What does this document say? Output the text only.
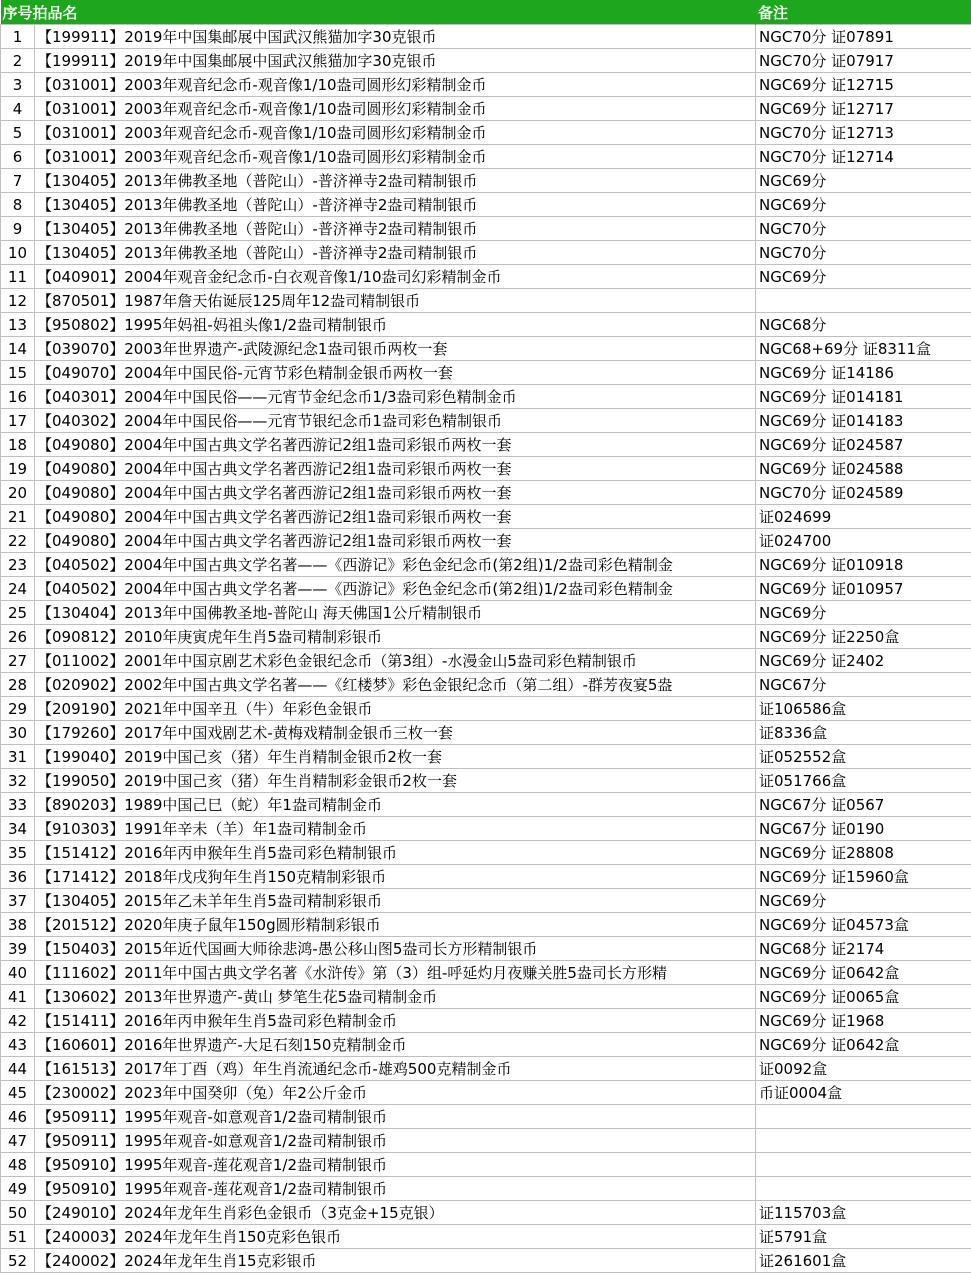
序号拍品名		备注
1	【199911】2019年中国集邮展中国武汉熊猫加字30克银币	NGC70分 证07891
2	【199911】2019年中国集邮展中国武汉熊猫加字30克银币	NGC70分 证07917
3	【031001】2003年观音纪念币-观音像1/10盎司圆形幻彩精制金币	NGC69分 证12715
4	【031001】2003年观音纪念币-观音像1/10盎司圆形幻彩精制金币	NGC69分 证12717
5	【031001】2003年观音纪念币-观音像1/10盎司圆形幻彩精制金币	NGC70分 证12713
6	【031001】2003年观音纪念币-观音像1/10盎司圆形幻彩精制金币	NGC70分 证12714
7	【130405】2013年佛教圣地（普陀山）-普济禅寺2盎司精制银币	NGC69分
8	【130405】2013年佛教圣地（普陀山）-普济禅寺2盎司精制银币	NGC69分
9	【130405】2013年佛教圣地（普陀山）-普济禅寺2盎司精制银币	NGC70分
10	【130405】2013年佛教圣地（普陀山）-普济禅寺2盎司精制银币	NGC70分
11	【040901】2004年观音金纪念币-白衣观音像1/10盎司幻彩精制金币	NGC69分
12	【870501】1987年詹天佑诞辰125周年12盎司精制银币	
13	【950802】1995年妈祖-妈祖头像1/2盎司精制银币	NGC68分
14	【039070】2003年世界遗产-武陵源纪念1盎司银币两枚一套	NGC68+69分 证8311盒
15	【049070】2004年中国民俗-元宵节彩色精制金银币两枚一套	NGC69分 证14186
16	【040301】2004年中国民俗——元宵节金纪念币1/3盎司彩色精制金币	NGC69分 证014181
17	【040302】2004年中国民俗——元宵节银纪念币1盎司彩色精制银币	NGC69分 证014183
18	【049080】2004年中国古典文学名著西游记2组1盎司彩银币两枚一套	NGC69分 证024587
19	【049080】2004年中国古典文学名著西游记2组1盎司彩银币两枚一套	NGC69分 证024588
20	【049080】2004年中国古典文学名著西游记2组1盎司彩银币两枚一套	NGC70分 证024589
21	【049080】2004年中国古典文学名著西游记2组1盎司彩银币两枚一套	证024699
22	【049080】2004年中国古典文学名著西游记2组1盎司彩银币两枚一套	证024700
23	【040502】2004年中国古典文学名著——《西游记》彩色金纪念币(第2组)1/2盎司彩色精制金	NGC69分 证010918
24	【040502】2004年中国古典文学名著——《西游记》彩色金纪念币(第2组)1/2盎司彩色精制金	NGC69分 证010957
25	【130404】2013年中国佛教圣地-普陀山 海天佛国1公斤精制银币	NGC69分
26	【090812】2010年庚寅虎年生肖5盎司精制彩银币	NGC69分 证2250盒
27	【011002】2001年中国京剧艺术彩色金银纪念币（第3组）-水漫金山5盎司彩色精制银币	NGC69分 证2402
28	【020902】2002年中国古典文学名著——《红楼梦》彩色金银纪念币（第二组）-群芳夜宴5盎	NGC67分
29	【209190】2021年中国辛丑（牛）年彩色金银币	证106586盒
30	【179260】2017年中国戏剧艺术-黄梅戏精制金银币三枚一套	证8336盒
31	【199040】2019中国己亥（猪）年生肖精制金银币2枚一套	证052552盒
32	【199050】2019中国己亥（猪）年生肖精制彩金银币2枚一套	证051766盒
33	【890203】1989中国己巳（蛇）年1盎司精制金币	NGC67分 证0567
34	【910303】1991年辛未（羊）年1盎司精制金币	NGC67分 证0190
35	【151412】2016年丙申猴年生肖5盎司彩色精制银币	NGC69分 证28808
36	【171412】2018年戊戌狗年生肖150克精制彩银币	NGC69分 证15960盒
37	【130405】2015年乙未羊年生肖5盎司精制彩银币	NGC69分
38	【201512】2020年庚子鼠年150g圆形精制彩银币	NGC69分 证04573盒
39	【150403】2015年近代国画大师徐悲鸿-愚公移山图5盎司长方形精制银币	NGC68分 证2174
40	【111602】2011年中国古典文学名著《水浒传》第（3）组-呼延灼月夜赚关胜5盎司长方形精	NGC69分 证0642盒
41	【130602】2013年世界遗产-黄山 梦笔生花5盎司精制金币	NGC69分 证0065盒
42	【151411】2016年丙申猴年生肖5盎司彩色精制金币	NGC69分 证1968
43	【160601】2016年世界遗产-大足石刻150克精制金币	NGC69分 证0642盒
44	【161513】2017年丁酉（鸡）年生肖流通纪念币-雄鸡500克精制金币	证0092盒
45	【230002】2023年中国癸卯（兔）年2公斤金币	币证0004盒
46	【950911】1995年观音-如意观音1/2盎司精制银币	
47	【950911】1995年观音-如意观音1/2盎司精制银币	
48	【950910】1995年观音-莲花观音1/2盎司精制银币	
49	【950910】1995年观音-莲花观音1/2盎司精制银币	
50	【249010】2024年龙年生肖彩色金银币（3克金+15克银）	证115703盒
51	【240003】2024年龙年生肖150克彩色银币	证5791盒
52	【240002】2024年龙年生肖15克彩银币	证261601盒
